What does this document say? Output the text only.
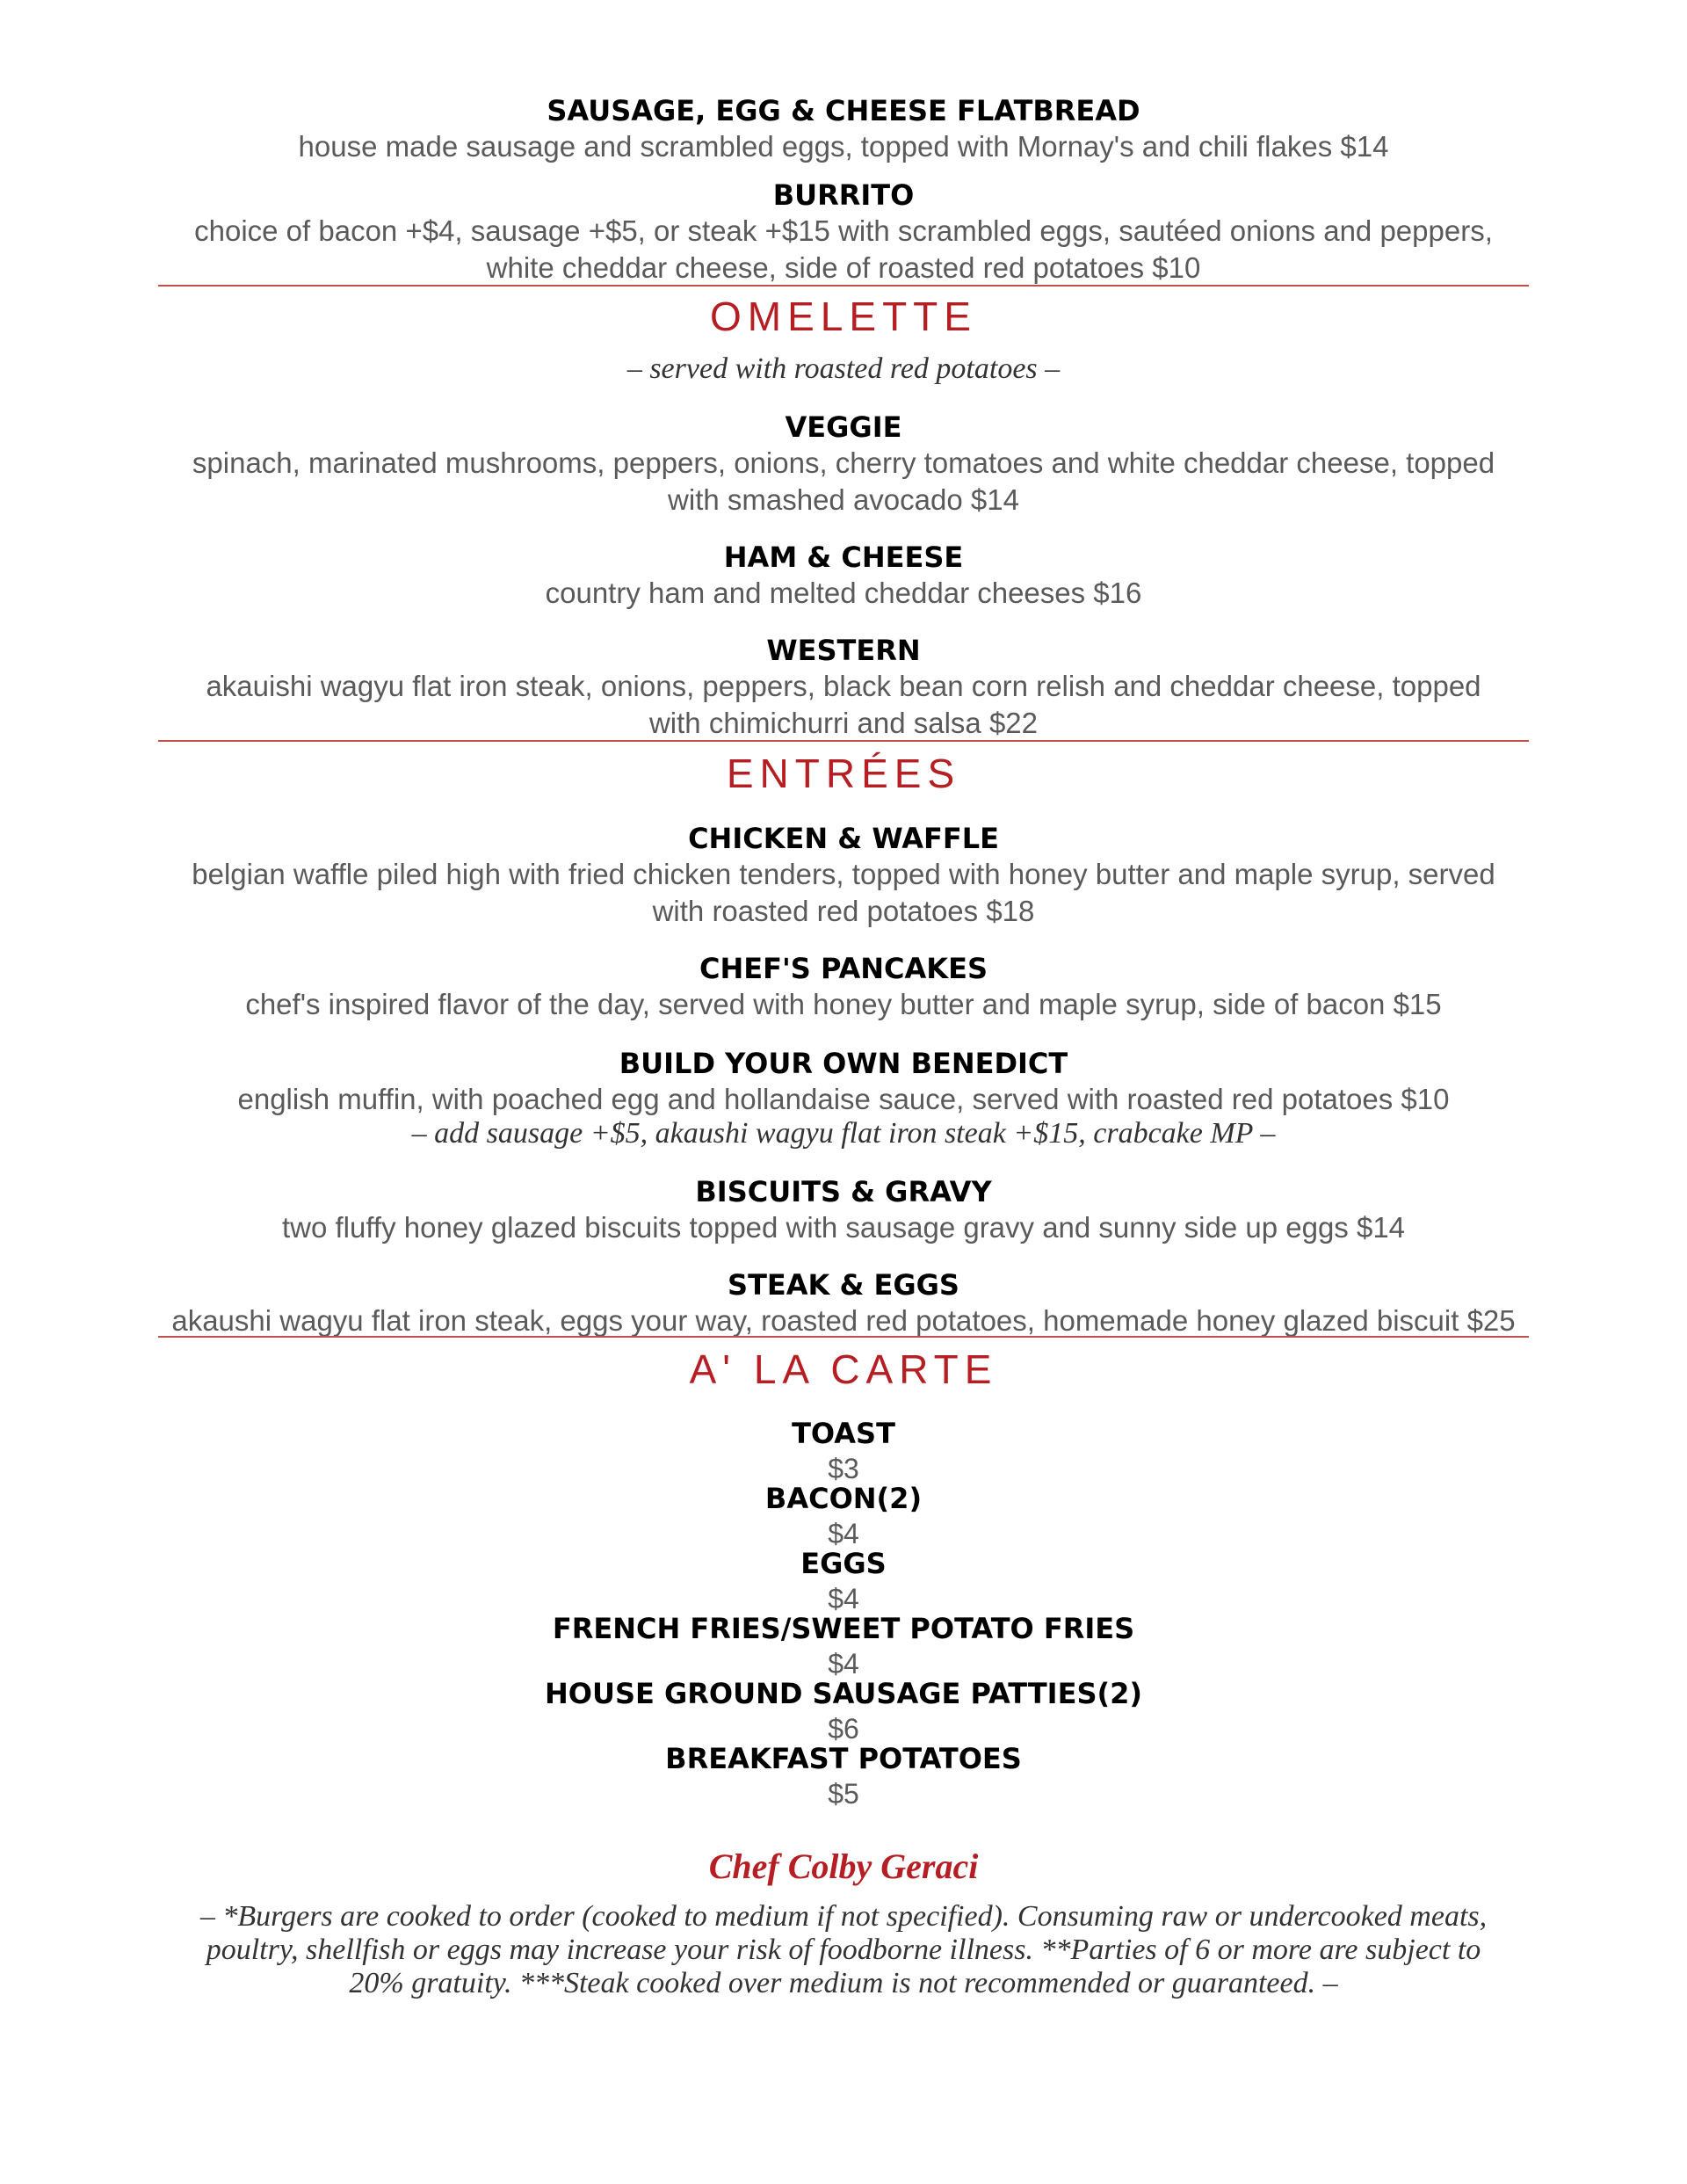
SAUSAGE, EGG & CHEESE FLATBREAD
house made sausage and scrambled eggs, topped with Mornay's and chili flakes $14
BURRITO
choice of bacon +$4, sausage +$5, or steak +$15 with scrambled eggs, sautéed onions and peppers, white cheddar cheese, side of roasted red potatoes $10
OMELETTE
– served with roasted red potatoes –
VEGGIE
spinach, marinated mushrooms, peppers, onions, cherry tomatoes and white cheddar cheese, topped with smashed avocado $14
HAM & CHEESE
country ham and melted cheddar cheeses $16
WESTERN
akauishi wagyu flat iron steak, onions, peppers, black bean corn relish and cheddar cheese, topped with chimichurri and salsa $22
ENTRÉES
CHICKEN & WAFFLE
belgian waffle piled high with fried chicken tenders, topped with honey butter and maple syrup, served with roasted red potatoes $18
CHEF'S PANCAKES
chef's inspired flavor of the day, served with honey butter and maple syrup, side of bacon $15
BUILD YOUR OWN BENEDICT
english muffin, with poached egg and hollandaise sauce, served with roasted red potatoes $10
– add sausage +$5, akaushi wagyu flat iron steak +$15, crabcake MP –
BISCUITS & GRAVY
two fluffy honey glazed biscuits topped with sausage gravy and sunny side up eggs $14
STEAK & EGGS
akaushi wagyu flat iron steak, eggs your way, roasted red potatoes, homemade honey glazed biscuit $25
A' LA CARTE
TOAST
$3
BACON(2)
$4
EGGS
$4
FRENCH FRIES/SWEET POTATO FRIES
$4
HOUSE GROUND SAUSAGE PATTIES(2)
$6
BREAKFAST POTATOES
$5
Chef Colby Geraci
– *Burgers are cooked to order (cooked to medium if not specified). Consuming raw or undercooked meats, poultry, shellfish or eggs may increase your risk of foodborne illness. **Parties of 6 or more are subject to 20% gratuity. ***Steak cooked over medium is not recommended or guaranteed. –
